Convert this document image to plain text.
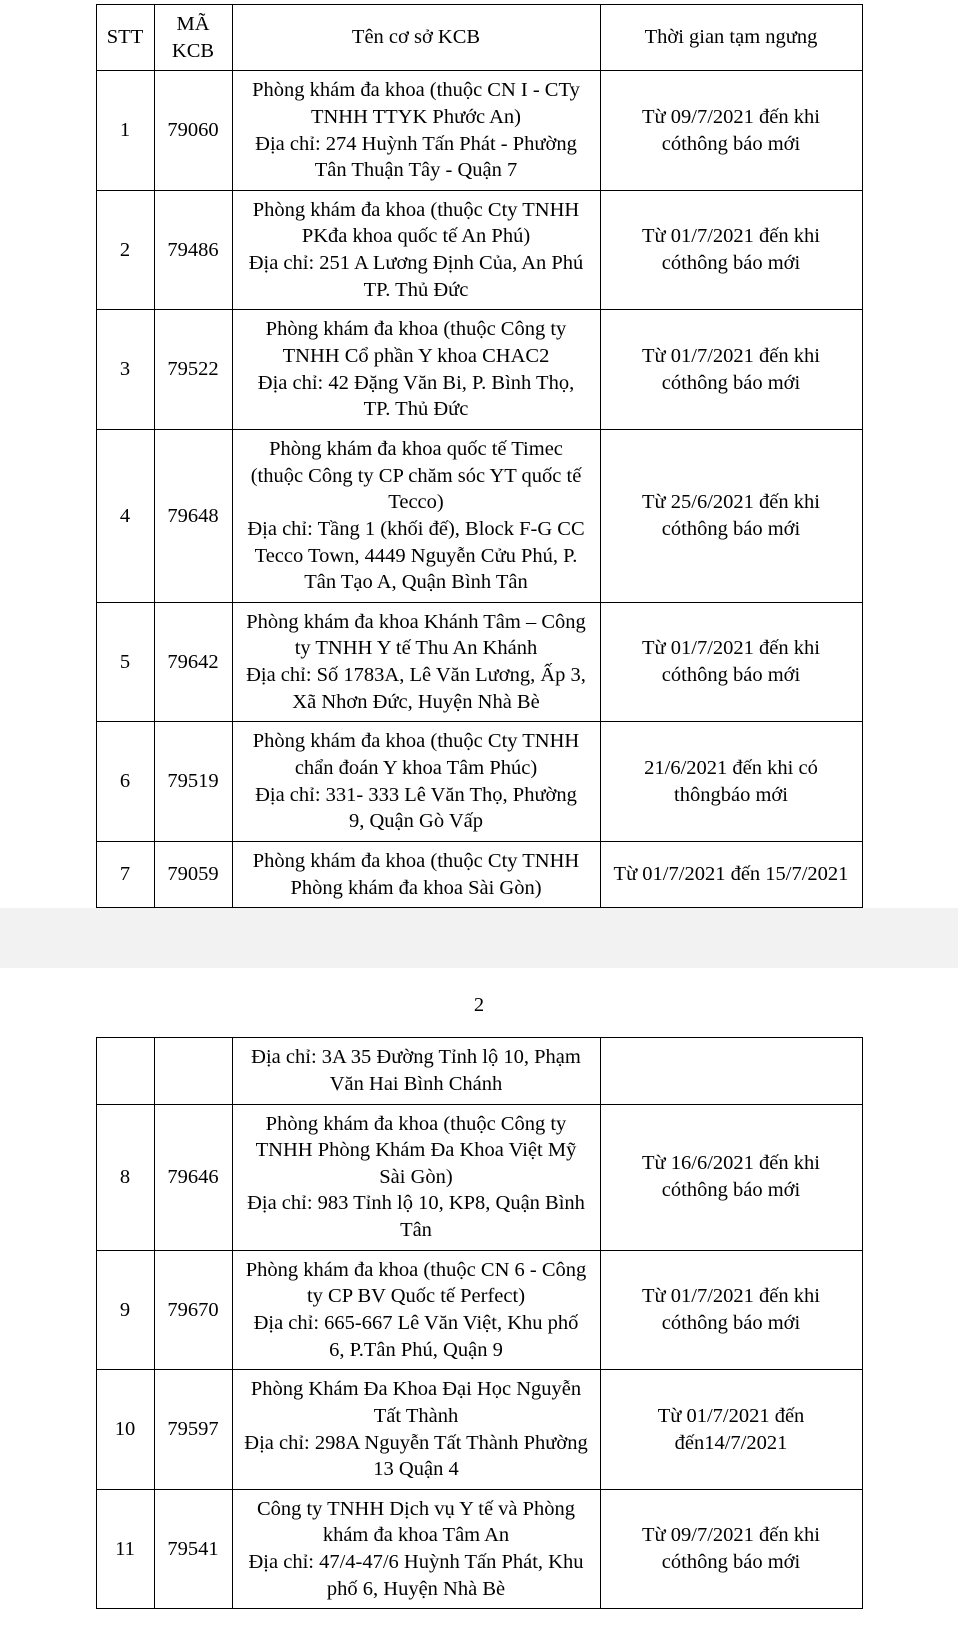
STT	MÃ KCB	Tên cơ sở KCB	Thời gian tạm ngưng
1	79060	Phòng khám đa khoa (thuộc CN I - CTy
TNHH TTYK Phước An)
Địa chỉ: 274 Huỳnh Tấn Phát - Phường
Tân Thuận Tây - Quận 7	Từ 09/7/2021 đến khi cóthông báo mới
2	79486	Phòng khám đa khoa (thuộc Cty TNHH
PKđa khoa quốc tế An Phú)
Địa chỉ: 251 A Lương Định Của, An Phú
TP. Thủ Đức	Từ 01/7/2021 đến khi cóthông báo mới
3	79522	Phòng khám đa khoa (thuộc Công ty
TNHH Cổ phần Y khoa CHAC2
Địa chỉ: 42 Đặng Văn Bi, P. Bình Thọ,
TP. Thủ Đức	Từ 01/7/2021 đến khi cóthông báo mới
4	79648	
Phòng khám đa khoa quốc tế Timec
(thuộc Công ty CP chăm sóc YT quốc tế
Tecco)
Địa chỉ: Tầng 1 (khối đế), Block F-G CC
Tecco Town, 4449 Nguyễn Cửu Phú, P.
Tân Tạo A, Quận Bình Tân
	Từ 25/6/2021 đến khi cóthông báo mới
5	79642	Phòng khám đa khoa Khánh Tâm – Công
ty TNHH Y tế Thu An Khánh
Địa chỉ: Số 1783A, Lê Văn Lương, Ấp 3,
Xã Nhơn Đức, Huyện Nhà Bè	Từ 01/7/2021 đến khi cóthông báo mới
6	79519	Phòng khám đa khoa (thuộc Cty TNHH
chẩn đoán Y khoa Tâm Phúc)
Địa chỉ: 331- 333 Lê Văn Thọ, Phường
9, Quận Gò Vấp	21/6/2021 đến khi có thôngbáo mới
7	79059	Phòng khám đa khoa (thuộc Cty TNHH
Phòng khám đa khoa Sài Gòn)	Từ 01/7/2021 đến 15/7/2021
2

		Địa chỉ: 3A 35 Đường Tỉnh lộ 10, Phạm
Văn Hai Bình Chánh	

8	79646	Phòng khám đa khoa (thuộc Công ty
TNHH Phòng Khám Đa Khoa Việt Mỹ
Sài Gòn)
Địa chỉ: 983 Tỉnh lộ 10, KP8, Quận Bình
Tân	Từ 16/6/2021 đến khi cóthông báo mới
9	79670	Phòng khám đa khoa (thuộc CN 6 - Công
ty CP BV Quốc tế Perfect)
Địa chỉ: 665-667 Lê Văn Việt, Khu phố
6, P.Tân Phú, Quận 9	Từ 01/7/2021 đến khi cóthông báo mới
10	79597	Phòng Khám Đa Khoa Đại Học Nguyễn
Tất Thành
Địa chỉ: 298A Nguyễn Tất Thành Phường
13 Quận 4	Từ 01/7/2021 đến đến14/7/2021
11	79541	Công ty TNHH Dịch vụ Y tế và Phòng
khám đa khoa Tâm An
Địa chỉ: 47/4-47/6 Huỳnh Tấn Phát, Khu
phố 6, Huyện Nhà Bè	Từ 09/7/2021 đến khi cóthông báo mới
